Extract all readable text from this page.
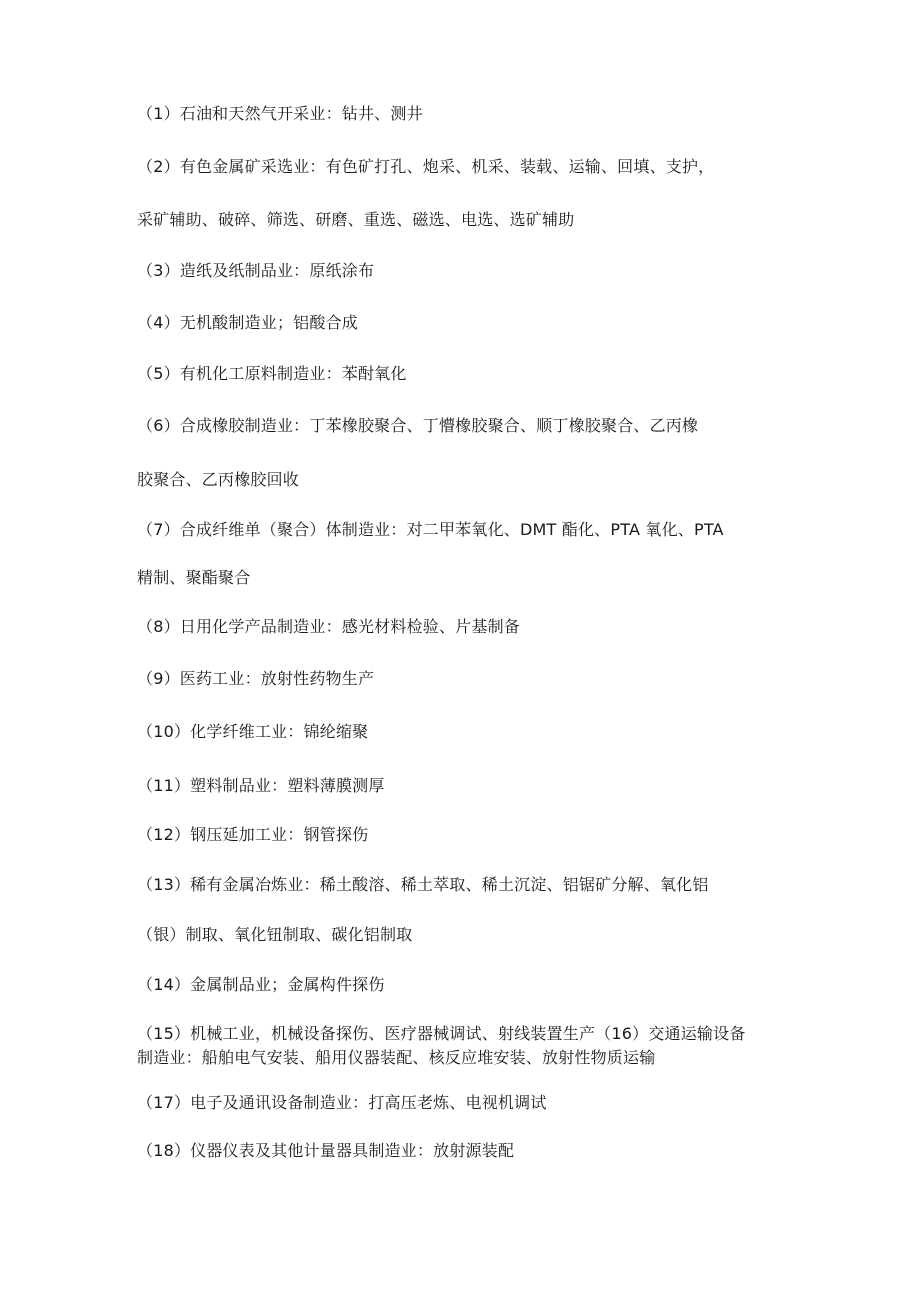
（1）石油和天然气开采业：钻井、测井
（2）有色金属矿采选业：有色矿打孔、炮采、机采、装载、运输、回填、支护，
采矿辅助、破碎、筛选、研磨、重选、磁选、电选、选矿辅助
（3）造纸及纸制品业：原纸涂布
（4）无机酸制造业；铝酸合成
（5）有机化工原料制造业：苯酎氧化
（6）合成橡胶制造业：丁苯橡胶聚合、丁懵橡胶聚合、顺丁橡胶聚合、乙丙橡
胶聚合、乙丙橡胶回收
（7）合成纤维单（聚合）体制造业：对二甲苯氧化、DMT 酯化、PTA 氧化、PTA
精制、聚酯聚合
（8）日用化学产品制造业：感光材料检验、片基制备
（9）医药工业：放射性药物生产
（10）化学纤维工业：锦纶缩聚
（11）塑料制品业：塑料薄膜测厚
（12）钢压延加工业：钢管探伤
（13）稀有金属冶炼业：稀土酸溶、稀土萃取、稀土沉淀、铝锯矿分解、氧化铝
（银）制取、氧化钮制取、碳化铝制取
（14）金属制品业；金属构件探伤
（15）机械工业，机械设备探伤、医疗器械调试、射线装置生产（16）交通运输设备
制造业：船舶电气安装、船用仪器装配、核反应堆安装、放射性物质运输
（17）电子及通讯设备制造业：打高压老炼、电视机调试
（18）仪器仪表及其他计量器具制造业：放射源装配
